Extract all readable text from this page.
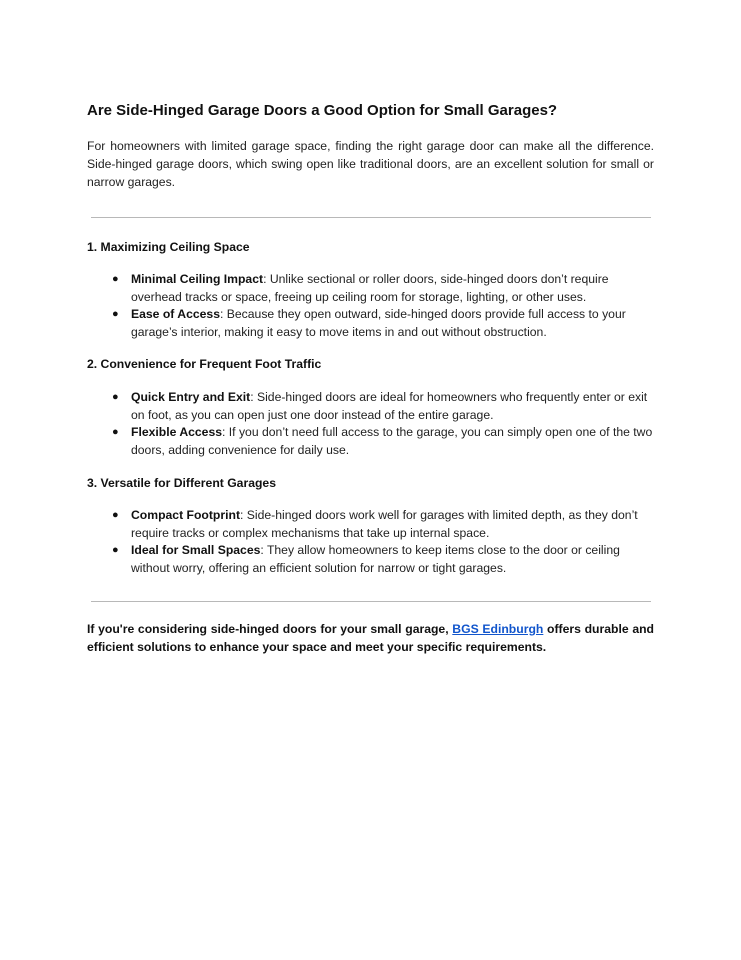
Are Side-Hinged Garage Doors a Good Option for Small Garages?

For homeowners with limited garage space, finding the right garage door can make all the difference. Side-hinged garage doors, which swing open like traditional doors, are an excellent solution for small or narrow garages.

1. Maximizing Ceiling Space
● Minimal Ceiling Impact: Unlike sectional or roller doors, side-hinged doors don’t require overhead tracks or space, freeing up ceiling room for storage, lighting, or other uses.
● Ease of Access: Because they open outward, side-hinged doors provide full access to your garage’s interior, making it easy to move items in and out without obstruction.
2. Convenience for Frequent Foot Traffic
● Quick Entry and Exit: Side-hinged doors are ideal for homeowners who frequently enter or exit on foot, as you can open just one door instead of the entire garage.
● Flexible Access: If you don’t need full access to the garage, you can simply open one of the two doors, adding convenience for daily use.
3. Versatile for Different Garages
● Compact Footprint: Side-hinged doors work well for garages with limited depth, as they don’t require tracks or complex mechanisms that take up internal space.
● Ideal for Small Spaces: They allow homeowners to keep items close to the door or ceiling without worry, offering an efficient solution for narrow or tight garages.

If you're considering side-hinged doors for your small garage, BGS Edinburgh offers durable and efficient solutions to enhance your space and meet your specific requirements.
